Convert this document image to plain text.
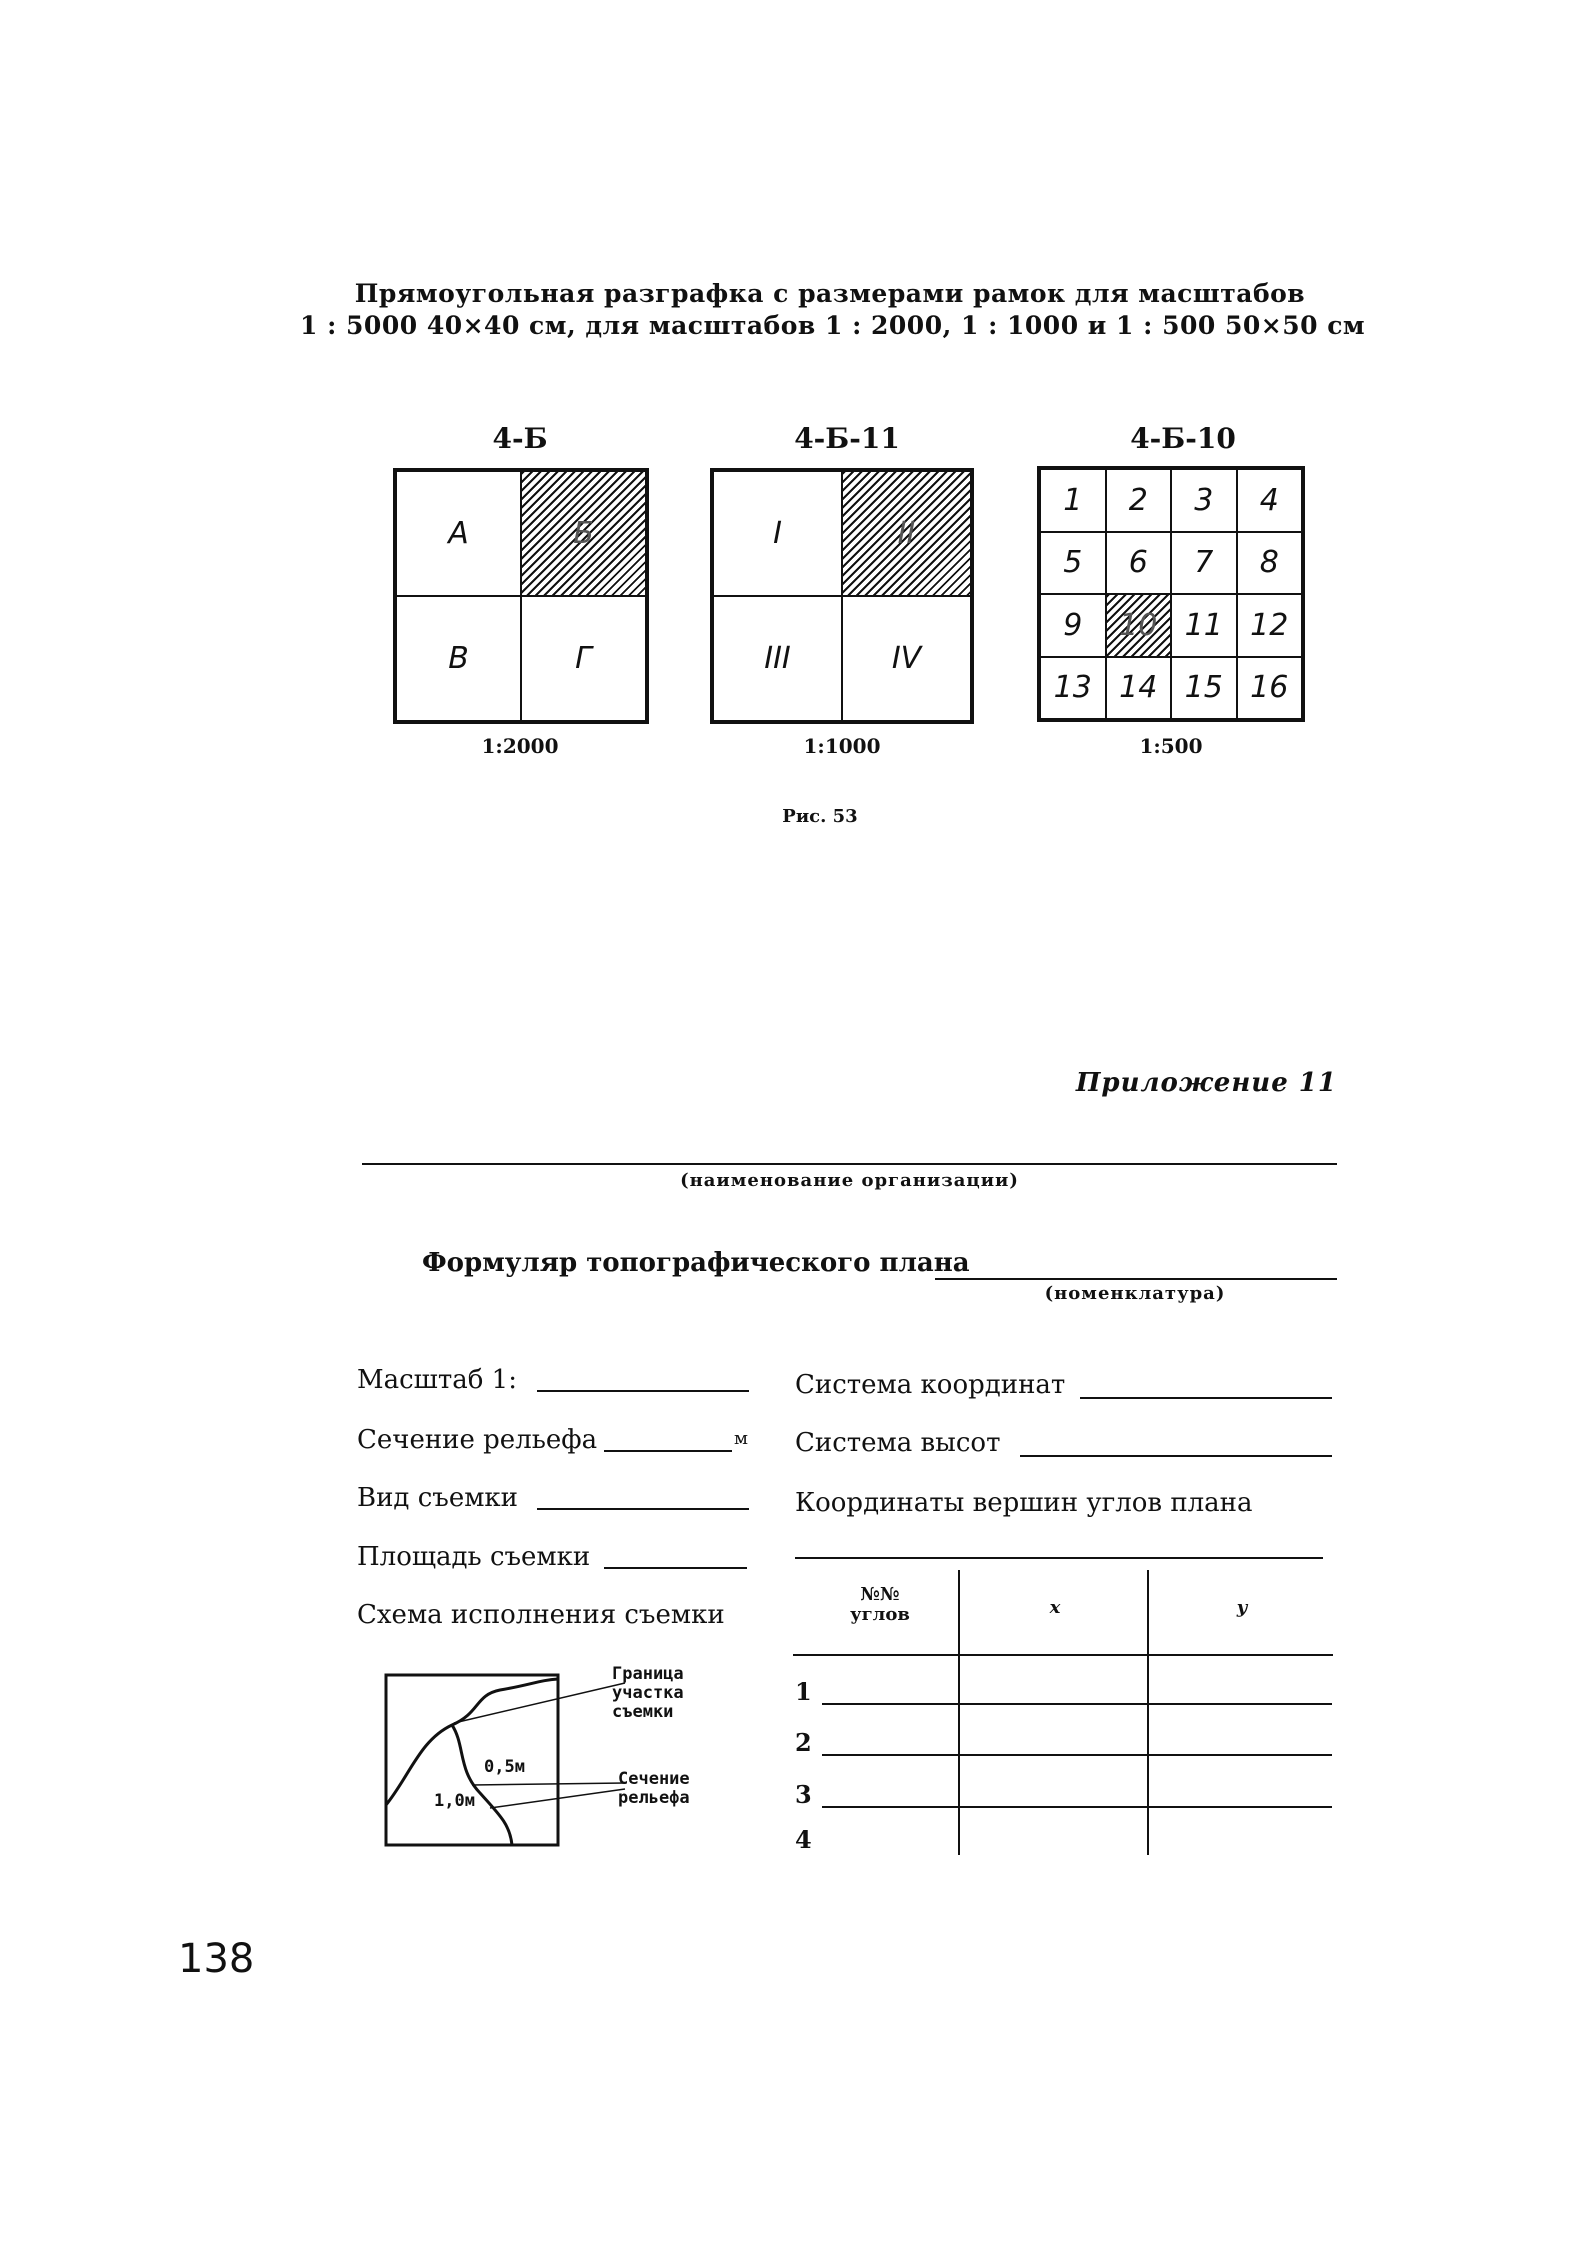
Прямоугольная разграфка с размерами рамок для масштабов
1 : 5000 40×40 см, для масштабов 1 : 2000, 1 : 1000 и 1 : 500 50×50 см
4-Б
А	Б
В	Г
1:2000
4-Б-11
I	II
III	IV
1:1000
4-Б-10
1	2	3	4
5	6	7	8
9	10 11 12
13 14 15 16
1:500
Рис. 53
Приложение 11
(наименование организации)
Формуляр топографического плана
(номенклатура)
Масштаб 1:
Сечение рельефа	м
Вид съемки
Площадь съемки
Схема исполнения съемки
Граница
участка
съемки
Сечение
рельефа
0,5м
1,0м
Система координат
Система высот
Координаты вершин углов плана
№№
углов	x	y
1
2
3
4
138
